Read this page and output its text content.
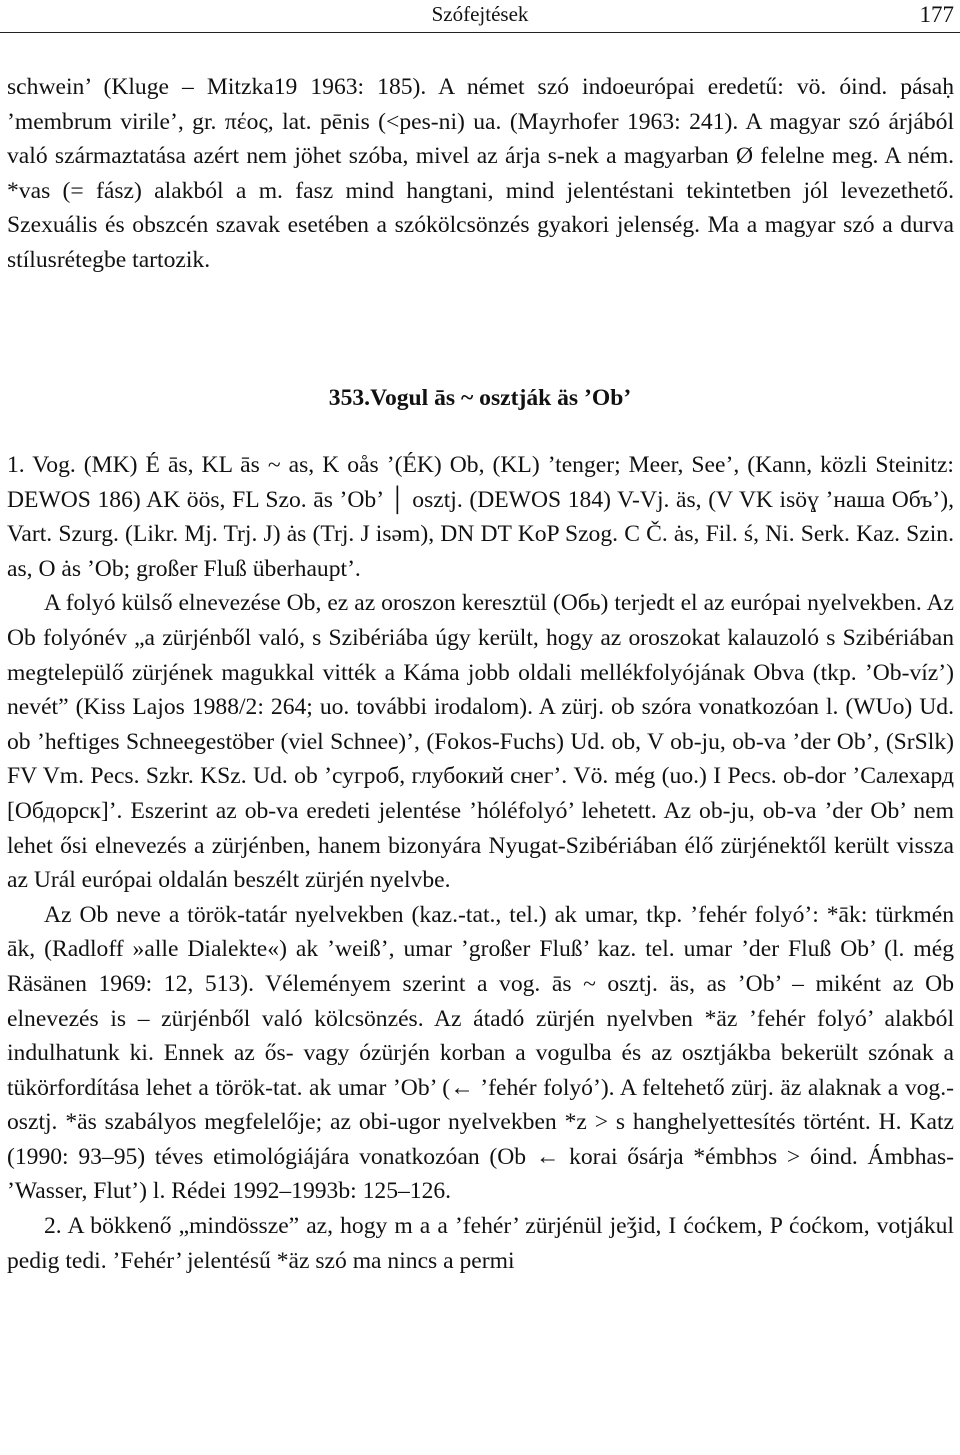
Szófejtések	177

schwein’ (Kluge – Mitzka19 1963: 185). A német szó indoeurópai eredetű: vö. óind. pásaḥ ’membrum virile’, gr. πέος, lat. pēnis (<pes-ni) ua. (Mayrhofer 1963: 241). A magyar szó árjából való származtatása azért nem jöhet szóba, mivel az árja s-nek a magyarban Ø felelne meg. A ném. *vas (= fász) alakból a m. fasz mind hangtani, mind jelentéstani tekintetben jól levezethető. Szexuális és obszcén szavak esetében a szókölcsönzés gyakori jelenség. Ma a magyar szó a durva stílusrétegbe tartozik.

353.Vogul ās ~ osztják äs ’Ob’

1. Vog. (MK) É ās, KL ās ~ as, K oås ’(ÉK) Ob, (KL) ’tenger; Meer, See’, (Kann, közli Steinitz: DEWOS 186) AK öös, FL Szo. ās ’Ob’ │ osztj. (DEWOS 184) V-Vj. äs, (V VK isöɣ ’наша Объ’), Vart. Szurg. (Likr. Mj. Trj. J) ȧs (Trj. J isəm), DN DT KoP Szog. C Č. ȧs, Fil. ś, Ni. Serk. Kaz. Szin. as, O ȧs ’Ob; großer Fluß überhaupt’.

A folyó külső elnevezése Ob, ez az oroszon keresztül (Обь) terjedt el az európai nyelvekben. Az Ob folyónév „a zürjénből való, s Szibériába úgy került, hogy az oroszokat kalauzoló s Szibériában megtelepülő zürjének magukkal vitték a Káma jobb oldali mellékfolyójának Obva (tkp. ’Ob-víz’) nevét” (Kiss Lajos 1988/2: 264; uo. további irodalom). A zürj. ob szóra vonatkozóan l. (WUo) Ud. ob ’heftiges Schneegestöber (viel Schnee)’, (Fokos-Fuchs) Ud. ob, V ob-ju, ob-va ’der Ob’, (SrSlk) FV Vm. Pecs. Szkr. KSz. Ud. ob ’сугроб, глубокий снег’. Vö. még (uo.) I Pecs. ob-dor ’Салехард [Обдорск]’. Eszerint az ob-va eredeti jelentése ’hóléfolyó’ lehetett. Az ob-ju, ob-va ’der Ob’ nem lehet ősi elnevezés a zürjénben, hanem bizonyára Nyugat-Szibériában élő zürjénektől került vissza az Urál európai oldalán beszélt zürjén nyelvbe.

Az Ob neve a török-tatár nyelvekben (kaz.-tat., tel.) ak umar, tkp. ’fehér folyó’: *āk: türkmén āk, (Radloff »alle Dialekte«) ak ’weiß’, umar ’großer Fluß’ kaz. tel. umar ’der Fluß Ob’ (l. még Räsänen 1969: 12, 513). Véleményem szerint a vog. ās ~ osztj. äs, as ’Ob’ – miként az Ob elnevezés is – zürjénből való kölcsönzés. Az átadó zürjén nyelvben *äz ’fehér folyó’ alakból indulhatunk ki. Ennek az ős- vagy ózürjén korban a vogulba és az osztjákba bekerült szónak a tükörfordítása lehet a török-tat. ak umar ’Ob’ (← ’fehér folyó’). A feltehető zürj. äz alaknak a vog.-osztj. *äs szabályos megfelelője; az obi-ugor nyelvekben *z > s hanghelyettesítés történt. H. Katz (1990: 93–95) téves etimológiájára vonatkozóan (Ob ← korai ősárja *émbhɔs > óind. Ámbhas- ’Wasser, Flut’) l. Rédei 1992–1993b: 125–126.

2. A bökkenő „mindössze” az, hogy m a a ’fehér’ zürjénül jeǯid, I ćoćkem, P ćoćkom, votjákul pedig tedi. ’Fehér’ jelentésű *äz szó ma nincs a permi
